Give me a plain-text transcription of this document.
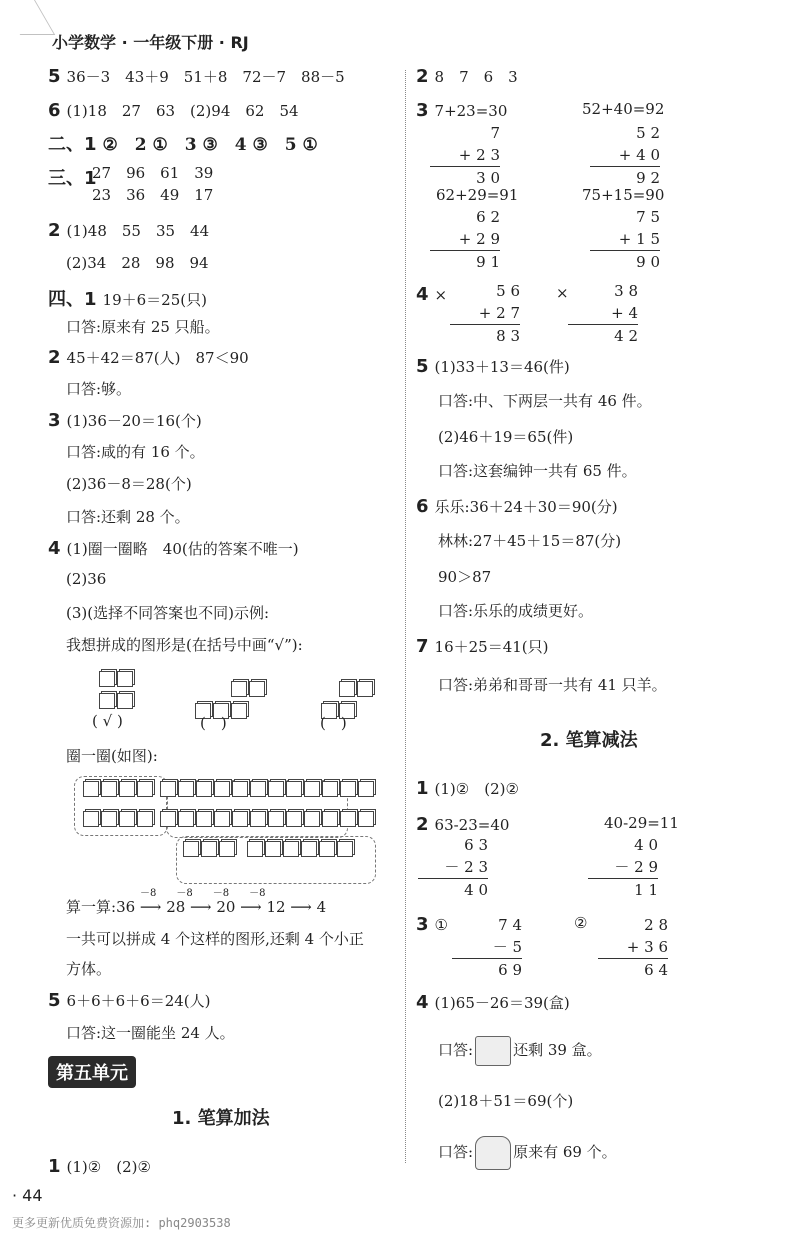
小学数学 · 一年级下册 · RJ
5 36－3　43＋9　51＋8　72－7　88－5
6 (1)18　27　63　(2)94　62　54
二、1 ②　2 ①　3 ③　4 ③　5 ①
三、1
27　96　61　39
23　36　49　17
2 (1)48　55　35　44
(2)34　28　98　94
四、1 19＋6＝25(只)
口答:原来有 25 只船。
2 45＋42＝87(人)　87＜90
口答:够。
3 (1)36－20＝16(个)
口答:咸的有 16 个。
(2)36－8＝28(个)
口答:还剩 28 个。
4 (1)圈一圈略　40(估的答案不唯一)
(2)36
(3)(选择不同答案也不同)示例:
我想拼成的图形是(在括号中画“√”):
( √ )	(　)	(　)
圈一圈(如图):

算一算:36 ⟶ 28 ⟶ 20 ⟶ 12 ⟶ 4
－8　　 －8　　 －8　　 －8
一共可以拼成 4 个这样的图形,还剩 4 个小正
方体。
5 6＋6＋6＋6＝24(人)
口答:这一圈能坐 24 人。
第五单元
1. 笔算加法
1 (1)②　(2)②
2 8　7　6　3
3 7+23=30	52+40=92
7
+ 2 3
3 0
5 2
+ 4 0
9 2
62+29=91	75+15=90
6 2
+ 2 9
9 1
7 5
+ 1 5
9 0
4 ×	5 6
+ 2 7
8 3
×	3 8
+ 4
4 2
5 (1)33＋13＝46(件)
口答:中、下两层一共有 46 件。
(2)46＋19＝65(件)
口答:这套编钟一共有 65 件。
6 乐乐:36＋24＋30＝90(分)
林林:27＋45＋15＝87(分)
90＞87
口答:乐乐的成绩更好。
7 16＋25＝41(只)
口答:弟弟和哥哥一共有 41 只羊。
2. 笔算减法
1 (1)②　(2)②
2 63-23=40	40-29=11
6 3
－ 2 3
4 0
4 0
－ 2 9
1 1
3 ①	7 4
－ 5
6 9
②	2 8
+ 3 6
6 4
4 (1)65－26＝39(盒)
口答:	还剩 39 盒。
(2)18＋51＝69(个)
口答:	原来有 69 个。
· 44
更多更新优质免费资源加: phq2903538
